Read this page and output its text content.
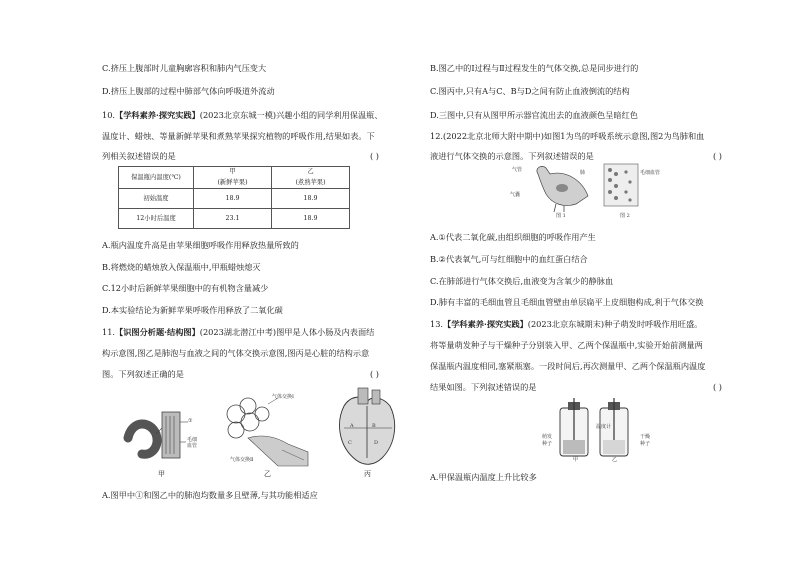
C.挤压上腹部时儿童胸廓容积和肺内气压变大
D.挤压上腹部的过程中肺部气体向呼吸道外流动
10.【学科素养·探究实践】(2023北京东城一模)兴趣小组的同学利用保温瓶、
温度计、蜡烛、等量新鲜苹果和煮熟苹果探究植物的呼吸作用,结果如表。下
列相关叙述错误的是	( )
保温瓶内温度(℃)	甲	乙
	(新鲜苹果)	(煮熟苹果)
初始温度	18.9	18.9
12小时后温度	23.1	18.9
A.瓶内温度升高是由苹果细胞呼吸作用释放热量所致的
B.将燃烧的蜡烛放入保温瓶中,甲瓶蜡烛熄灭
C.12小时后新鲜苹果细胞中的有机物含量减少
D.本实验结论为新鲜苹果呼吸作用释放了二氧化碳
11.【识图分析题·结构图】(2023湖北潜江中考)图甲是人体小肠及内表面结
构示意图,图乙是肺泡与血液之间的气体交换示意图,图丙是心脏的结构示意
图。下列叙述正确的是	( )
①
毛细
血管
甲
气体交换Ⅰ
气体交换Ⅱ
乙
A	B
C	D
丙
A.图甲中①和图乙中的肺泡均数量多且壁薄,与其功能相适应
B.图乙中的Ⅰ过程与Ⅱ过程发生的气体交换,总是同步进行的
C.图丙中,只有A与C、B与D之间有防止血液倒流的结构
D.三图中,只有从图甲所示器官流出去的血液颜色呈暗红色
12.(2022北京北师大附中期中)如图1为鸟的呼吸系统示意图,图2为鸟肺和血
液进行气体交换的示意图。下列叙述错误的是	( )
气管	肺
气囊
图 1
毛细血管
图 2
A.①代表二氧化碳,由组织细胞的呼吸作用产生
B.②代表氧气,可与红细胞中的血红蛋白结合
C.在肺部进行气体交换后,血液变为含氧少的静脉血
D.肺有丰富的毛细血管且毛细血管壁由单层扁平上皮细胞构成,利于气体交换
13.【学科素养·探究实践】(2023北京东城期末)种子萌发时呼吸作用旺盛。
将等量萌发种子与干燥种子分别装入甲、乙两个保温瓶中,实验开始前测量两
保温瓶内温度相同,塞紧瓶塞。一段时间后,再次测量甲、乙两个保温瓶内温度
结果如图。下列叙述错误的是	( )
温度计
萌发
种子
干燥
种子
甲	乙
A.甲保温瓶内温度上升比较多
